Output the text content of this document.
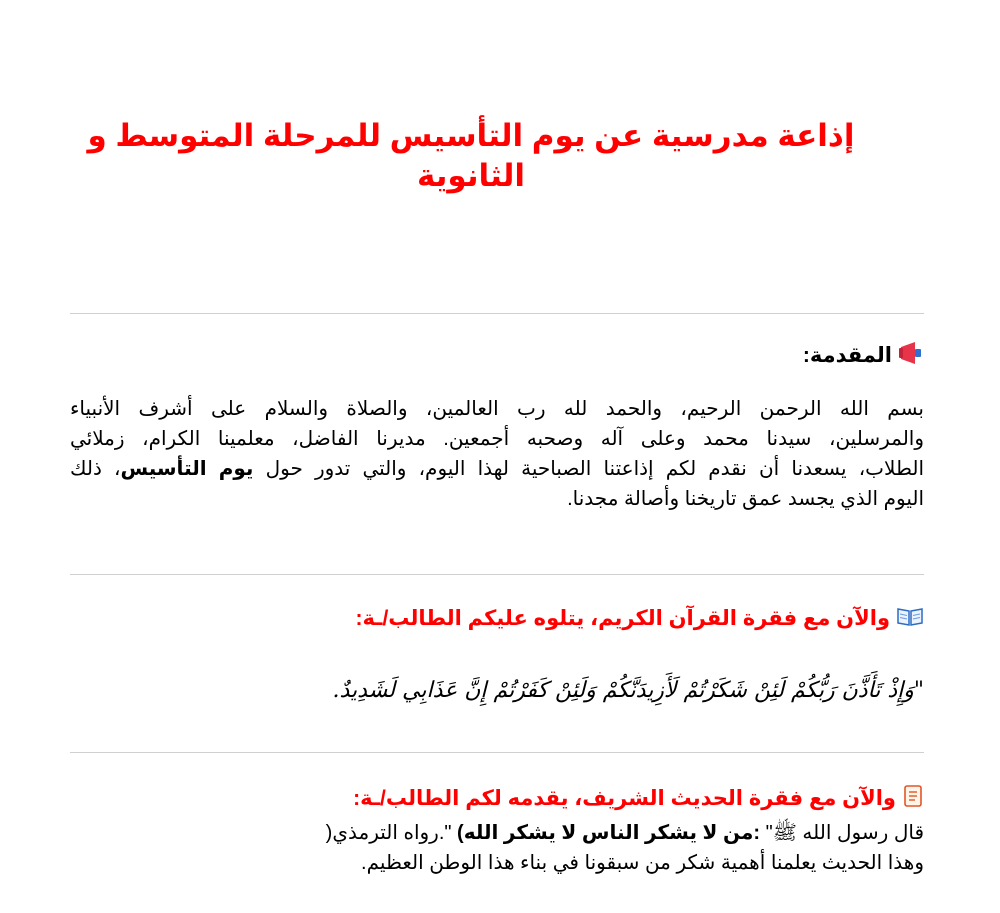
إذاعة مدرسية عن يوم التأسيس للمرحلة المتوسط و الثانوية
المقدمة:
بسم الله الرحمن الرحيم، والحمد لله رب العالمين، والصلاة والسلام على أشرف الأنبياء
والمرسلين، سيدنا محمد وعلى آله وصحبه أجمعين. مديرنا الفاضل، معلمينا الكرام، زملائي
الطلاب، يسعدنا أن نقدم لكم إذاعتنا الصباحية لهذا اليوم، والتي تدور حول يوم التأسيس، ذلك
اليوم الذي يجسد عمق تاريخنا وأصالة مجدنا.
والآن مع فقرة القرآن الكريم، يتلوه عليكم الطالب/ـة:
"وَإِذْ تَأَذَّنَ رَبُّكُمْ لَئِنْ شَكَرْتُمْ لَأَزِيدَنَّكُمْ وَلَئِنْ كَفَرْتُمْ إِنَّ عَذَابِي لَشَدِيدٌ.
والآن مع فقرة الحديث الشريف، يقدمه لكم الطالب/ـة:
قال رسول الله ﷺ" :من لا يشكر الناس لا يشكر الله) ".رواه الترمذي(
وهذا الحديث يعلمنا أهمية شكر من سبقونا في بناء هذا الوطن العظيم.
